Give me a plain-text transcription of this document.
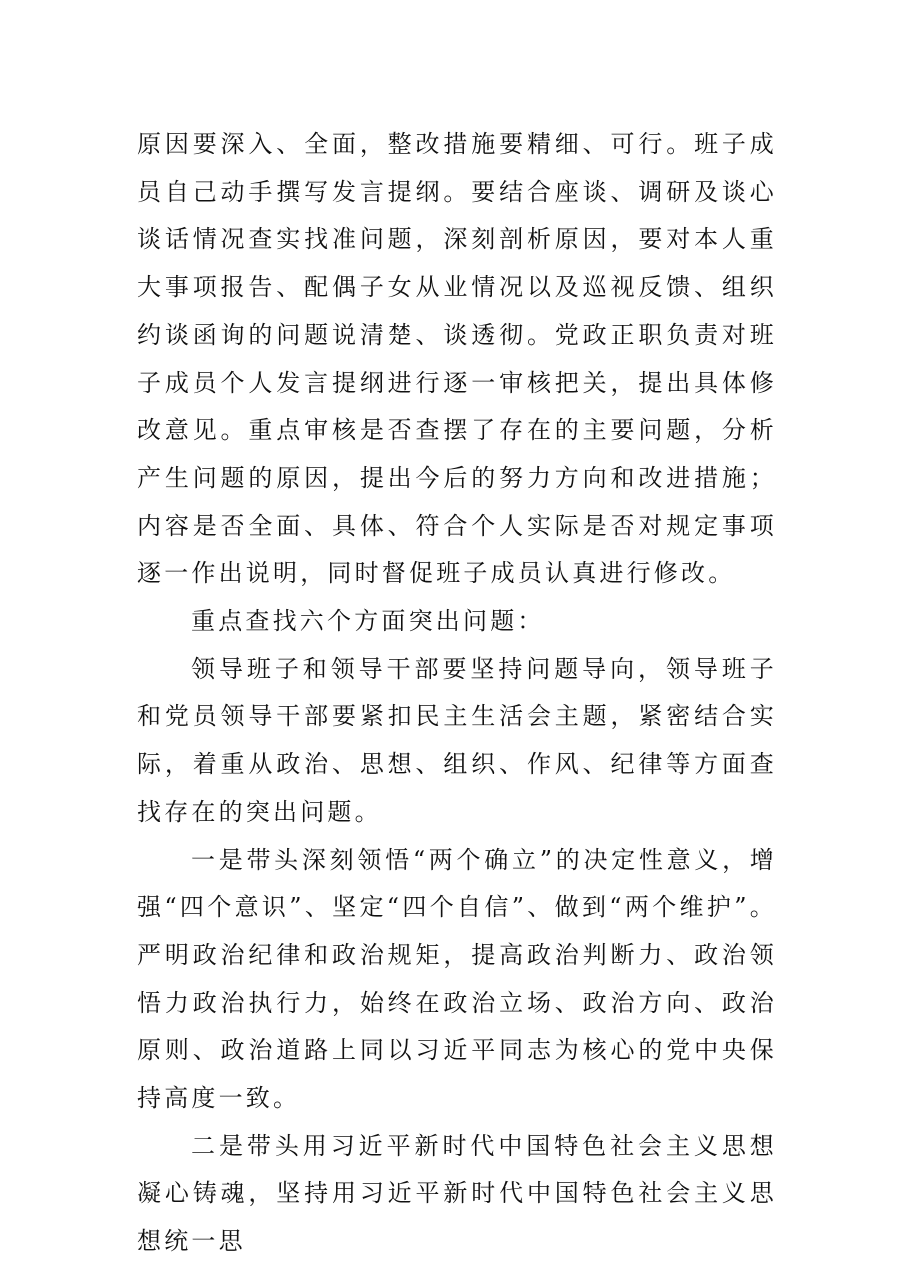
原因要深入、全面，整改措施要精细、可行。班子成员自己动手撰写发言提纲。要结合座谈、调研及谈心谈话情况查实找准问题，深刻剖析原因，要对本人重大事项报告、配偶子女从业情况以及巡视反馈、组织约谈函询的问题说清楚、谈透彻。党政正职负责对班子成员个人发言提纲进行逐一审核把关，提出具体修改意见。重点审核是否查摆了存在的主要问题，分析产生问题的原因，提出今后的努力方向和改进措施；内容是否全面、具体、符合个人实际是否对规定事项逐一作出说明，同时督促班子成员认真进行修改。

重点查找六个方面突出问题：

领导班子和领导干部要坚持问题导向，领导班子和党员领导干部要紧扣民主生活会主题，紧密结合实际，着重从政治、思想、组织、作风、纪律等方面查找存在的突出问题。

一是带头深刻领悟“两个确立”的决定性意义，增强“四个意识”、坚定“四个自信”、做到“两个维护”。严明政治纪律和政治规矩，提高政治判断力、政治领悟力政治执行力，始终在政治立场、政治方向、政治原则、政治道路上同以习近平同志为核心的党中央保持高度一致。

二是带头用习近平新时代中国特色社会主义思想凝心铸魂，坚持用习近平新时代中国特色社会主义思想统一思
